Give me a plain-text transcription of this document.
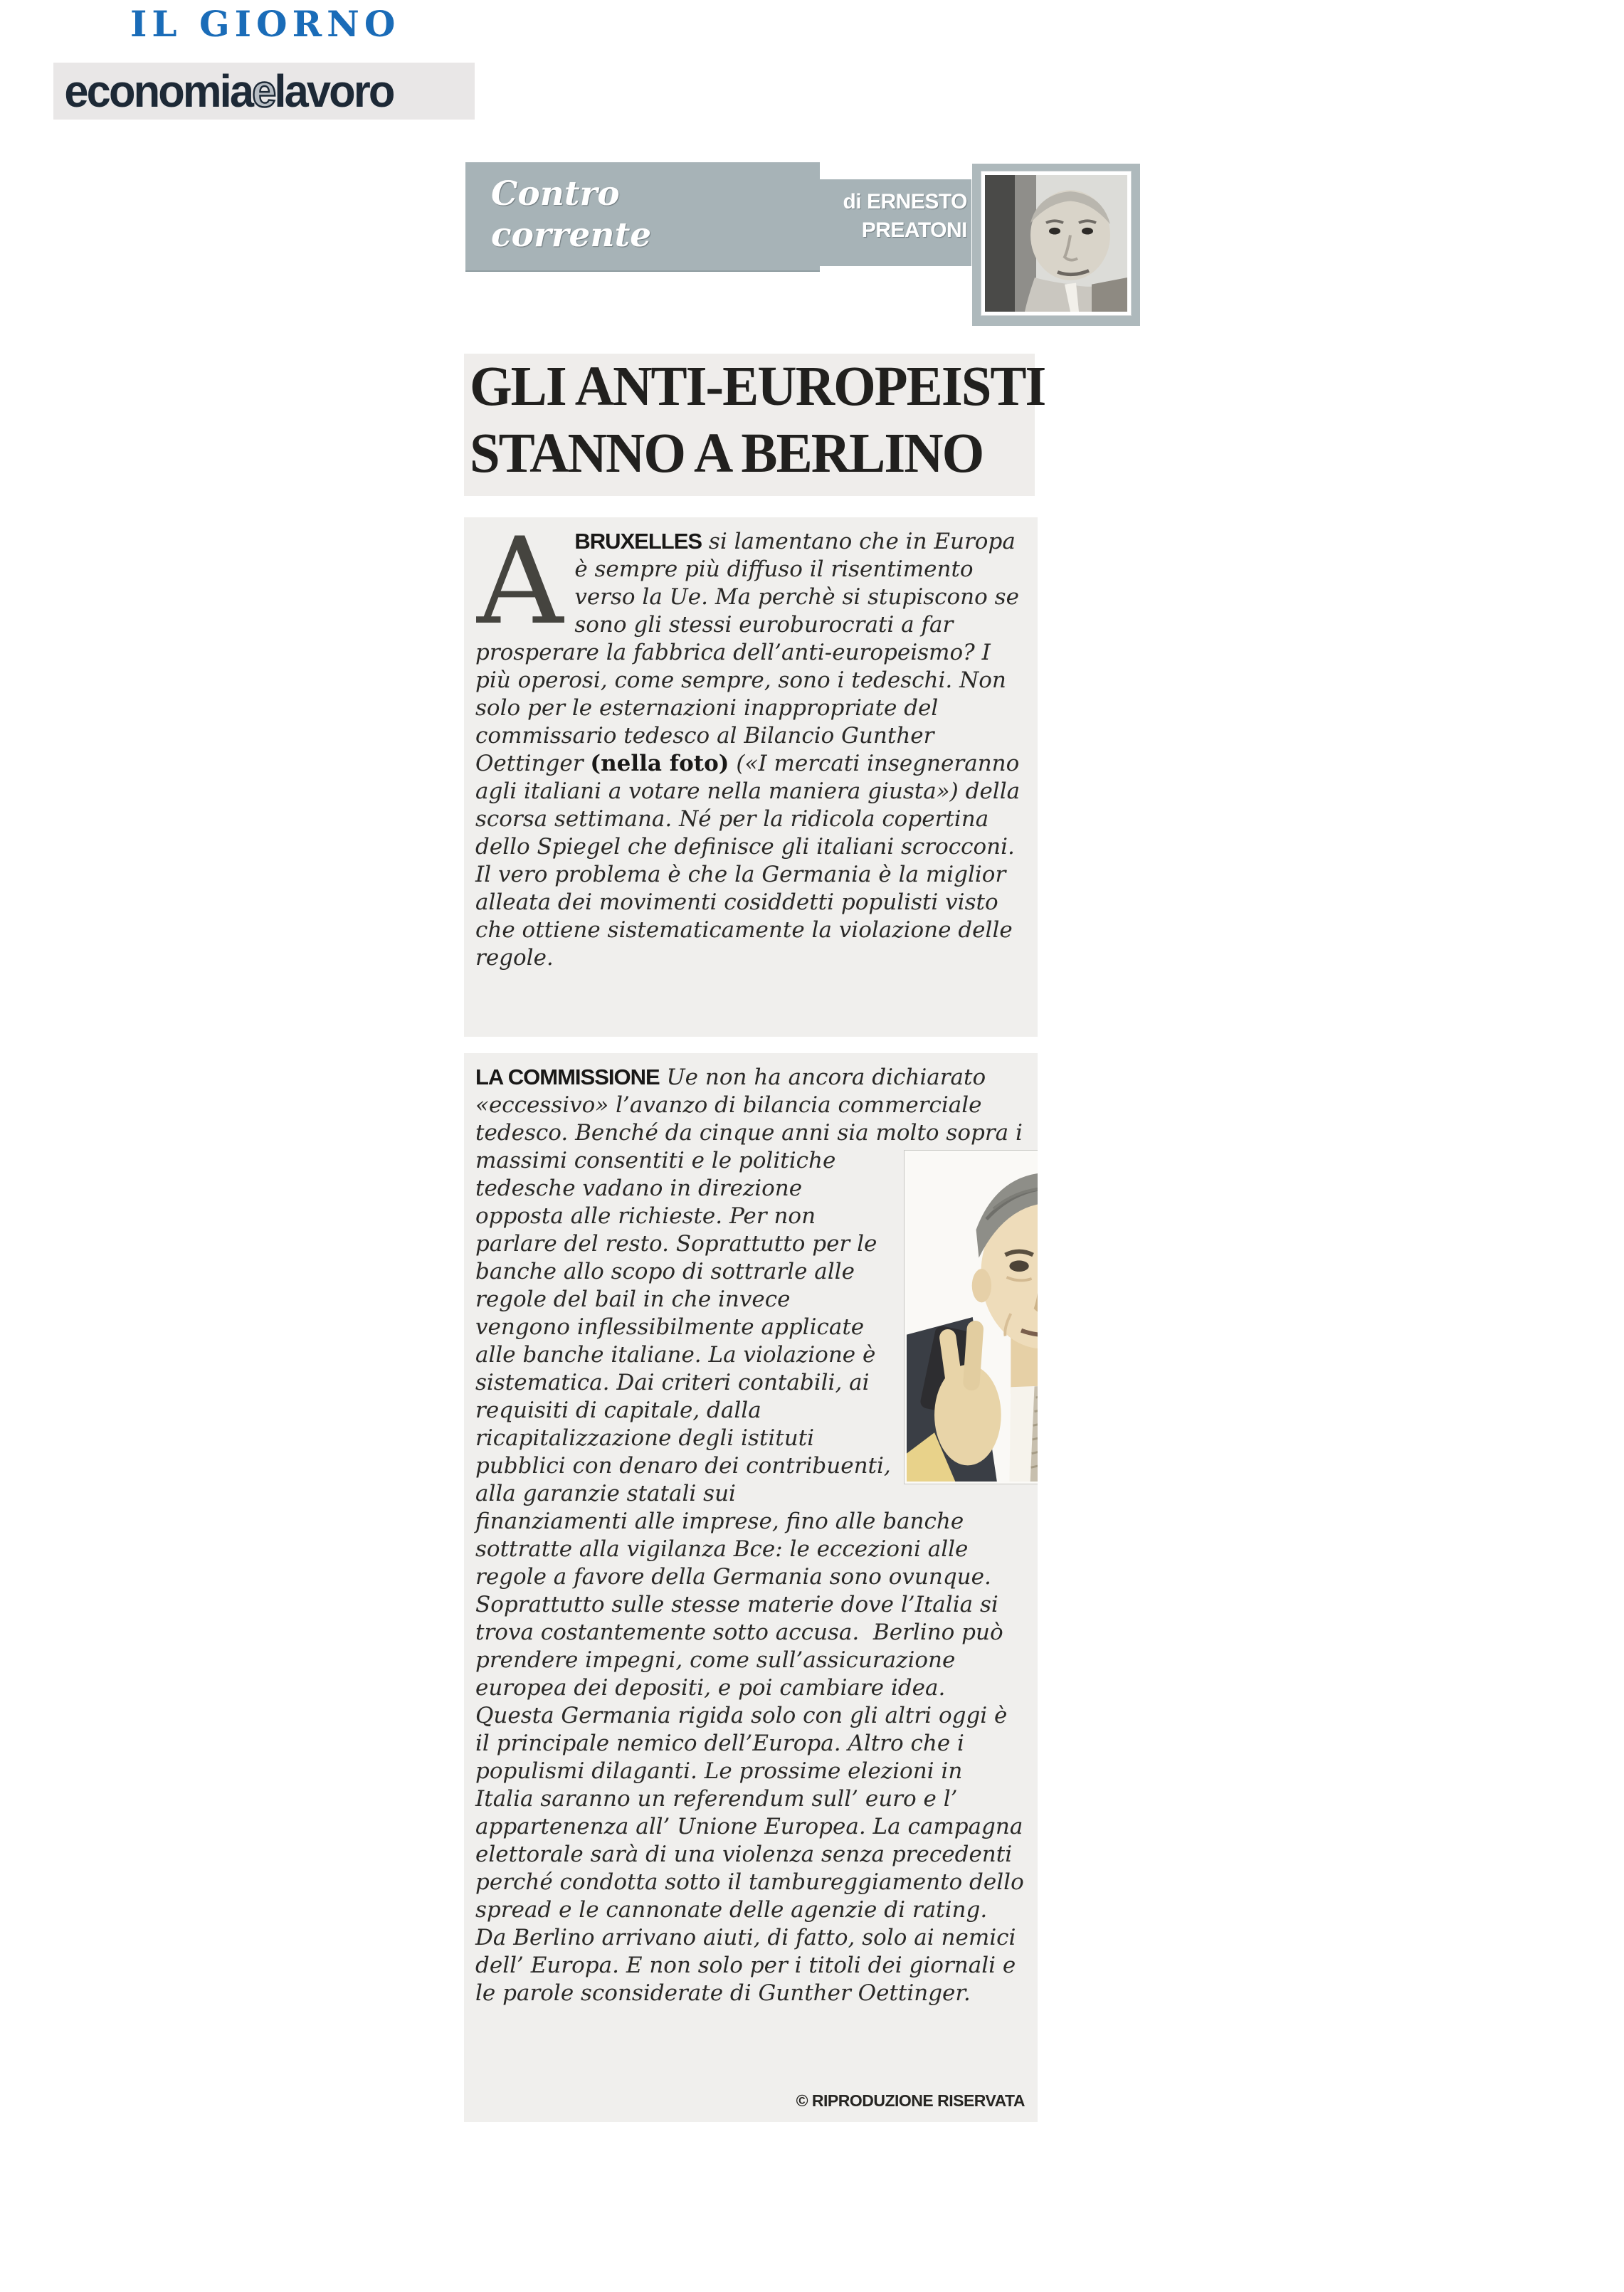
IL GIORNO
economiaelavoro
Contro
corrente
di ERNESTO
PREATONI
GLI ANTI-EUROPEISTI
STANNO A BERLINO
ABRUXELLES si lamentano che in Europa è sempre più diffuso il risentimento verso la Ue. Ma perchè si stupiscono se sono gli stessi euroburocrati a far prosperare la fabbrica dell’anti-europeismo? I più operosi, come sempre, sono i tedeschi. Non solo per le esternazioni inappropriate del commissario tedesco al Bilancio Gunther Oettinger (nella foto) («I mercati insegneranno agli italiani a votare nella maniera giusta») della scorsa settimana. Né per la ridicola copertina dello Spiegel che definisce gli italiani scrocconi. Il vero problema è che la Germania è la miglior alleata dei movimenti cosiddetti populisti visto che ottiene sistematicamente la violazione delle regole.
LA COMMISSIONE Ue non ha ancora dichiarato «eccessivo» l’avanzo di bilancia commerciale tedesco. Benché da cinque anni sia molto sopra i massimi consentiti e
le politiche tedesche vadano in direzione opposta alle richieste. Per non parlare del resto. Soprattutto per le banche allo scopo di sottrarle alle regole del bail in che invece vengono inflessibilmente applicate alle banche italiane. La violazione è sistematica. Dai criteri contabili, ai requisiti di capitale, dalla ricapitalizzazione degli istituti pubblici con denaro dei contribuenti, alla garanzie statali sui finanziamenti alle imprese, fino alle banche sottratte alla vigilanza Bce: le eccezioni alle regole a favore della Germania sono ovunque. Soprattutto sulle stesse materie dove l’Italia si trova costantemente sotto accusa.  Berlino può prendere impegni, come sull’assicurazione europea dei depositi, e poi cambiare idea. Questa Germania rigida solo con gli altri oggi è il principale nemico dell’Europa. Altro che i populismi dilaganti. Le prossime elezioni in Italia saranno un referendum sull’ euro e l’ appartenenza all’ Unione Europea. La campagna elettorale sarà di una violenza senza precedenti perché condotta sotto il tambureggiamento dello spread e le cannonate delle agenzie di rating. Da Berlino arrivano aiuti, di fatto, solo ai nemici dell’ Europa. E non solo per i titoli dei giornali e le parole sconsiderate di Gunther Oettinger.
© RIPRODUZIONE RISERVATA
